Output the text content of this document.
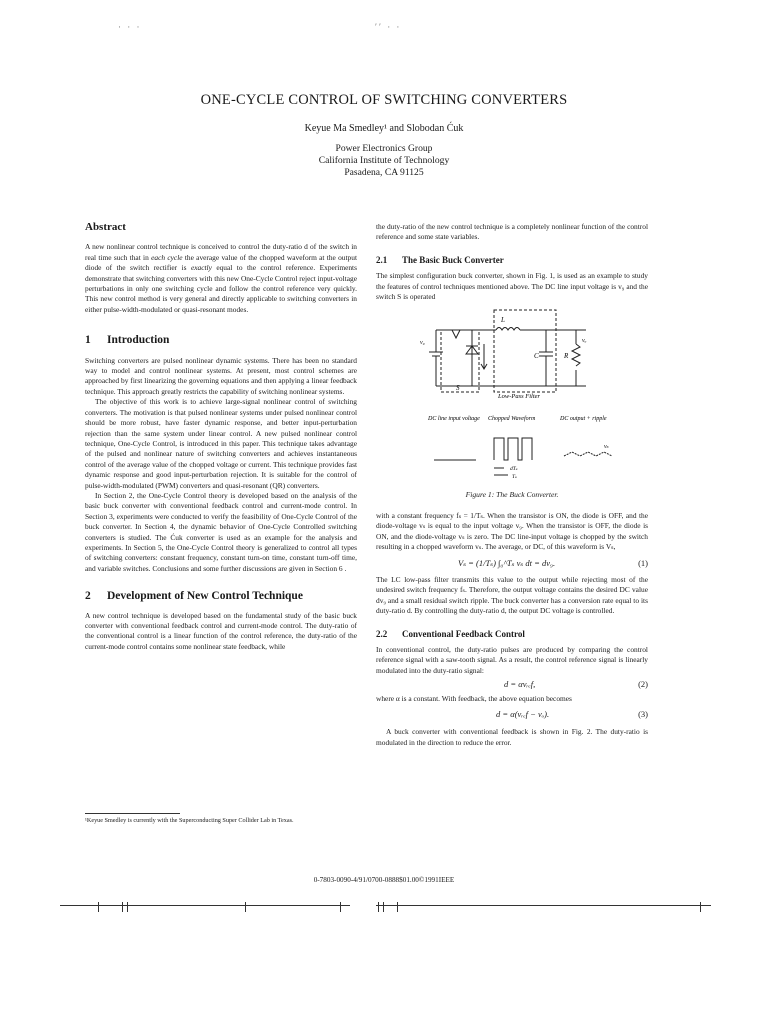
· · ·	′′ · ·
ONE-CYCLE CONTROL OF SWITCHING CONVERTERS
Keyue Ma Smedley¹ and Slobodan Ćuk
Power Electronics Group
California Institute of Technology
Pasadena, CA 91125
Abstract

A new nonlinear control technique is conceived to control the duty-ratio d of the switch in real time such that in each cycle the average value of the chopped waveform at the output diode of the switch rectifier is exactly equal to the control reference. Experiments demonstrate that switching converters with this new One-Cycle Control reject input-voltage perturbations in only one switching cycle and follow the control reference very quickly. This new control method is very general and directly applicable to switching converters in either pulse-width-modulated or quasi-resonant modes.

1 Introduction

Switching converters are pulsed nonlinear dynamic systems. There has been no standard way to model and control nonlinear systems. At present, most control schemes are approached by first linearizing the governing equations and then applying a linear feedback technique. This approach greatly restricts the capability of switching nonlinear systems.

The objective of this work is to achieve large-signal nonlinear control of switching converters. The motivation is that pulsed nonlinear systems under pulsed nonlinear control should be more robust, have faster dynamic response, and better input-perturbation rejection than the same system under linear control. A new pulsed nonlinear control technique, One-Cycle Control, is introduced in this paper. This technique takes advantage of the pulsed and nonlinear nature of switching converters and achieves instantaneous control of the average value of the chopped voltage or current. This technique provides fast dynamic response and good input-perturbation rejection. It is suitable for the control of pulse-width-modulated (PWM) converters and quasi-resonant (QR) converters.

In Section 2, the One-Cycle Control theory is developed based on the analysis of the basic buck converter with conventional feedback control and current-mode control. In Section 3, experiments were conducted to verify the feasibility of One-Cycle Control of the buck converter. In Section 4, the dynamic behavior of One-Cycle Controlled switching converters is studied. The Ćuk converter is used as an example for the analysis and experiments. In Section 5, the One-Cycle Control theory is generalized to control all types of switching converters: constant frequency, constant turn-on time, constant turn-off time, and variable switches. Conclusions and some further discussions are given in Section 6 .

2 Development of New Control Technique

A new control technique is developed based on the fundamental study of the basic buck converter with conventional feedback control and current-mode control. The duty-ratio of the conventional control is a linear function of the control reference, the duty-ratio of the current-mode control contains some nonlinear state feedback, while

¹Keyue Smedley is currently with the Superconducting Super Collider Lab in Texas.

the duty-ratio of the new control technique is a completely nonlinear function of the control reference and some state variables.

2.1 The Basic Buck Converter

The simplest configuration buck converter, shown in Fig. 1, is used as an example to study the features of control techniques mentioned above. The DC line input voltage is v₉ and the switch S is operated

L
C	R
v₉	vₒ
S
Low-Pass Filter
DC line input voltage Chopped Waveform	DC output + ripple
vₛ
dTₛ
Tₛ
Figure 1: The Buck Converter.

with a constant frequency fₛ = 1/Tₛ. When the transistor is ON, the diode is OFF, and the diode-voltage vₛ is equal to the input voltage v₉. When the transistor is OFF, the diode is ON, and the diode-voltage vₛ is zero. The DC line-input voltage is chopped by the switch resulting in a chopped waveform vₛ. The average, or DC, of this waveform is Vₛ,

Vₛ = (1/Tₛ) ∫₀^Tₛ vₛ dt = dv₉.	(1)

The LC low-pass filter transmits this value to the output while rejecting most of the undesired switch frequency fₛ. Therefore, the output voltage contains the desired DC value dv₉ and a small residual switch ripple. The buck converter has a conversion rate equal to its duty-ratio d. By controlling the duty-ratio d, the output DC voltage is controlled.

2.2 Conventional Feedback Control

In conventional control, the duty-ratio pulses are produced by comparing the control reference signal with a saw-tooth signal. As a result, the control reference signal is linearly modulated into the duty-ratio signal:

d = αvᵣₑf,	(2)

where α is a constant. With feedback, the above equation becomes

d = α(vᵣₑf − vₒ).	(3)

A buck converter with conventional feedback is shown in Fig. 2. The duty-ratio is modulated in the direction to reduce the error.

0-7803-0090-4/91/0700-0888$01.00©1991IEEE
